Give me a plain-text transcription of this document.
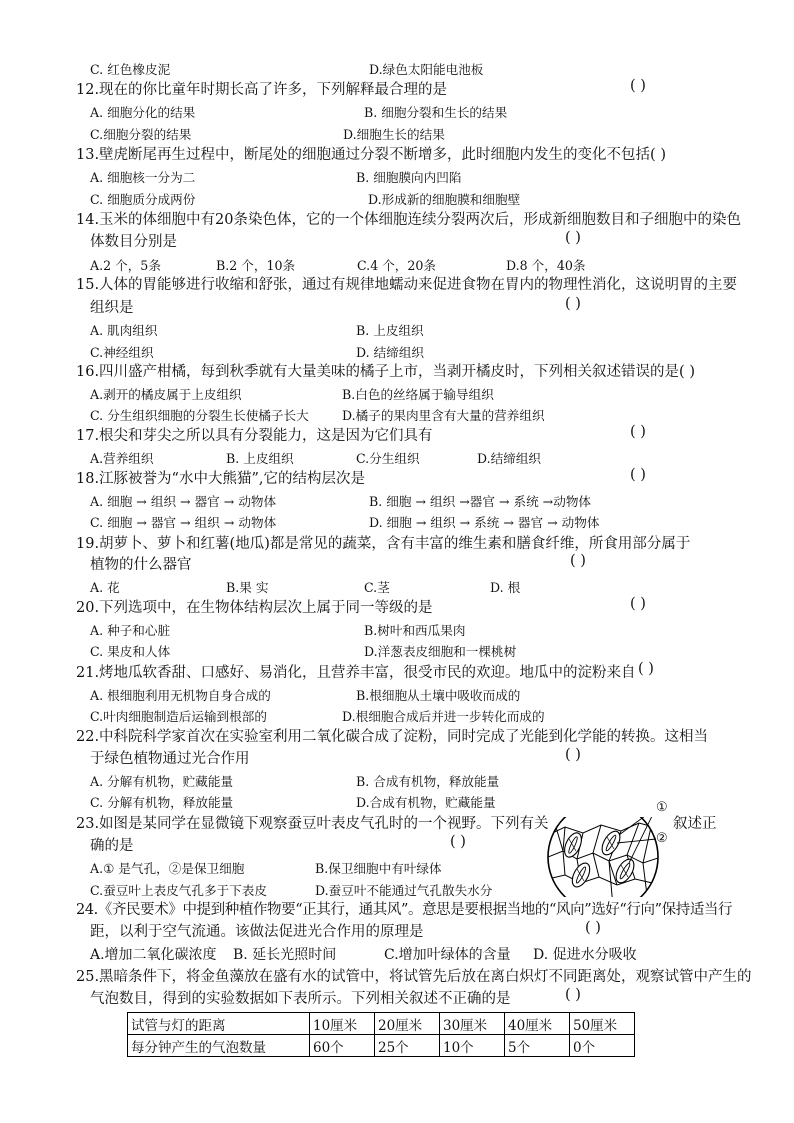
C. 红色橡皮泥	D.绿色太阳能电池板
12.现在的你比童年时期长高了许多，下列解释最合理的是	( )
A. 细胞分化的结果	B. 细胞分裂和生长的结果
C.细胞分裂的结果	D.细胞生长的结果
13.壁虎断尾再生过程中，断尾处的细胞通过分裂不断增多，此时细胞内发生的变化不包括( )
A. 细胞核一分为二	B. 细胞膜向内凹陷
C. 细胞质分成两份	D.形成新的细胞膜和细胞壁
14.玉米的体细胞中有20条染色体，它的一个体细胞连续分裂两次后，形成新细胞数目和子细胞中的染色
体数目分别是	( )
A.2 个，5条	B.2 个，10条	C.4 个，20条	D.8 个，40条
15.人体的胃能够进行收缩和舒张，通过有规律地蠕动来促进食物在胃内的物理性消化，这说明胃的主要
组织是	( )
A. 肌肉组织	B. 上皮组织
C.神经组织	D. 结缔组织
16.四川盛产柑橘，每到秋季就有大量美味的橘子上市，当剥开橘皮时，下列相关叙述错误的是( )
A.剥开的橘皮属于上皮组织	B.白色的丝络属于输导组织
C. 分生组织细胞的分裂生长使橘子长大	D.橘子的果肉里含有大量的营养组织
17.根尖和芽尖之所以具有分裂能力，这是因为它们具有	( )
A.营养组织	B. 上皮组织	C.分生组织	D.结缔组织
18.江豚被誉为“水中大熊猫”,它的结构层次是	( )
A. 细胞 → 组织 → 器官 → 动物体	B. 细胞 → 组织 →器官 → 系统 →动物体
C. 细胞 → 器官 → 组织 → 动物体	D. 细胞 → 组织 → 系统 → 器官 → 动物体
19.胡萝卜、萝卜和红薯(地瓜)都是常见的蔬菜，含有丰富的维生素和膳食纤维，所食用部分属于
植物的什么器官	( )
A. 花	B.果 实	C.茎	D. 根
20.下列选项中，在生物体结构层次上属于同一等级的是	( )
A. 种子和心脏	B.树叶和西瓜果肉
C. 果皮和人体	D.洋葱表皮细胞和一棵桃树
21.烤地瓜软香甜、口感好、易消化，且营养丰富，很受市民的欢迎。地瓜中的淀粉来自 ( )
A. 根细胞利用无机物自身合成的	B.根细胞从土壤中吸收而成的
C.叶肉细胞制造后运输到根部的	D.根细胞合成后并进一步转化而成的
22.中科院科学家首次在实验室利用二氧化碳合成了淀粉，同时完成了光能到化学能的转换。这相当
于绿色植物通过光合作用	( )
A. 分解有机物，贮藏能量	B. 合成有机物，释放能量
C. 分解有机物，释放能量	D.合成有机物，贮藏能量
23.如图是某同学在显微镜下观察蚕豆叶表皮气孔时的一个视野。下列有关	叙述正
确的是	( )
A.① 是气孔，②是保卫细胞	B.保卫细胞中有叶绿体
C.蚕豆叶上表皮气孔多于下表皮	D.蚕豆叶不能通过气孔散失水分
①
②
24.《齐民要术》中提到种植作物要“正其行，通其风”。意思是要根据当地的“风向”选好“行向”保持适当行
距，以利于空气流通。该做法促进光合作用的原理是	( )
A.增加二氧化碳浓度 B. 延长光照时间	C.增加叶绿体的含量 D. 促进水分吸收
25.黑暗条件下，将金鱼藻放在盛有水的试管中，将试管先后放在离白炽灯不同距离处，观察试管中产生的
气泡数目，得到的实验数据如下表所示。下列相关叙述不正确的是	( )
试管与灯的距离	10厘米	20厘米	30厘米	40厘米	50厘米
每分钟产生的气泡数量	60个	25个	10个	5个	0个
